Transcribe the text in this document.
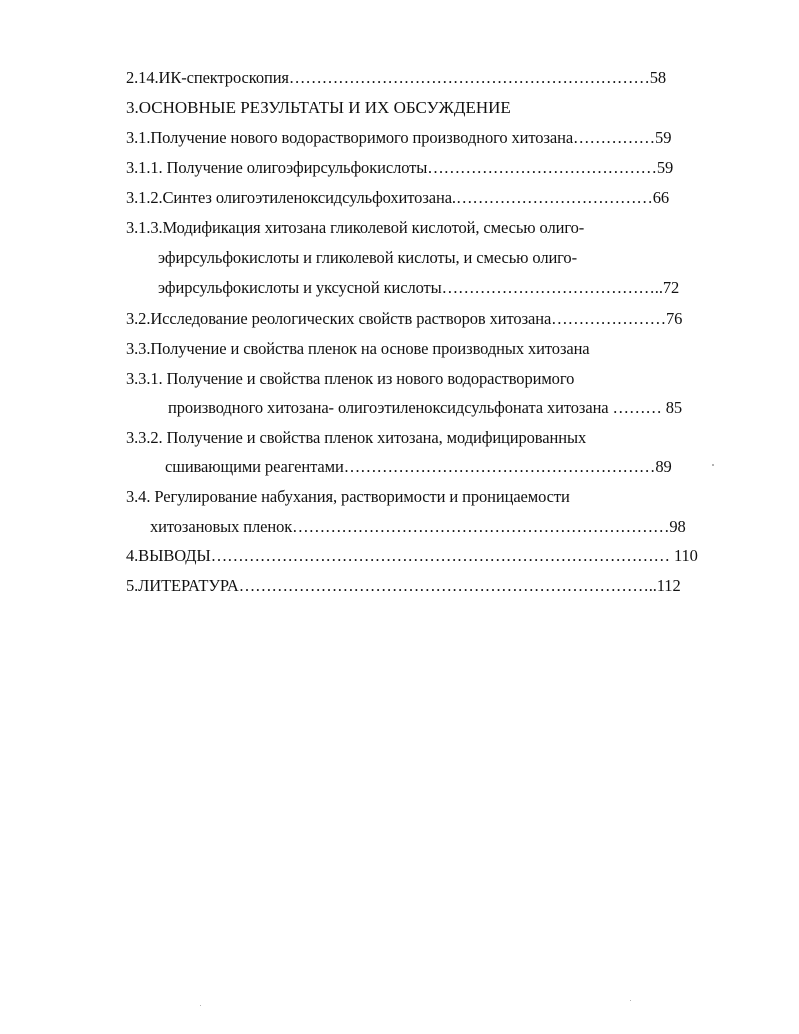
2.14.ИК-спектроскопия…………………………………………………………58
3.ОСНОВНЫЕ РЕЗУЛЬТАТЫ И ИХ ОБСУЖДЕНИЕ
3.1.Получение нового водорастворимого производного хитозана……………59
3.1.1. Получение олигоэфирсульфокислоты……………………………………59
3.1.2.Синтез олигоэтиленоксидсульфохитозана.………………………………66
3.1.3.Модификация хитозана гликолевой кислотой, смесью олиго-
эфирсульфокислоты и гликолевой кислоты, и смесью олиго-
эфирсульфокислоты и уксусной кислоты…………………………………..72
3.2.Исследование реологических свойств растворов хитозана…………………76
3.3.Получение и свойства пленок на основе производных хитозана
3.3.1. Получение и свойства пленок из нового водорастворимого
производного хитозана- олигоэтиленоксидсульфоната хитозана ……… 85
3.3.2. Получение и свойства пленок хитозана, модифицированных
сшивающими реагентами…………………………………………………89
3.4. Регулирование набухания, растворимости и проницаемости
хитозановых пленок……………………………………………………………98
4.ВЫВОДЫ………………………………………………………………………… 110
5.ЛИТЕРАТУРА…………………………………………………………………..112
